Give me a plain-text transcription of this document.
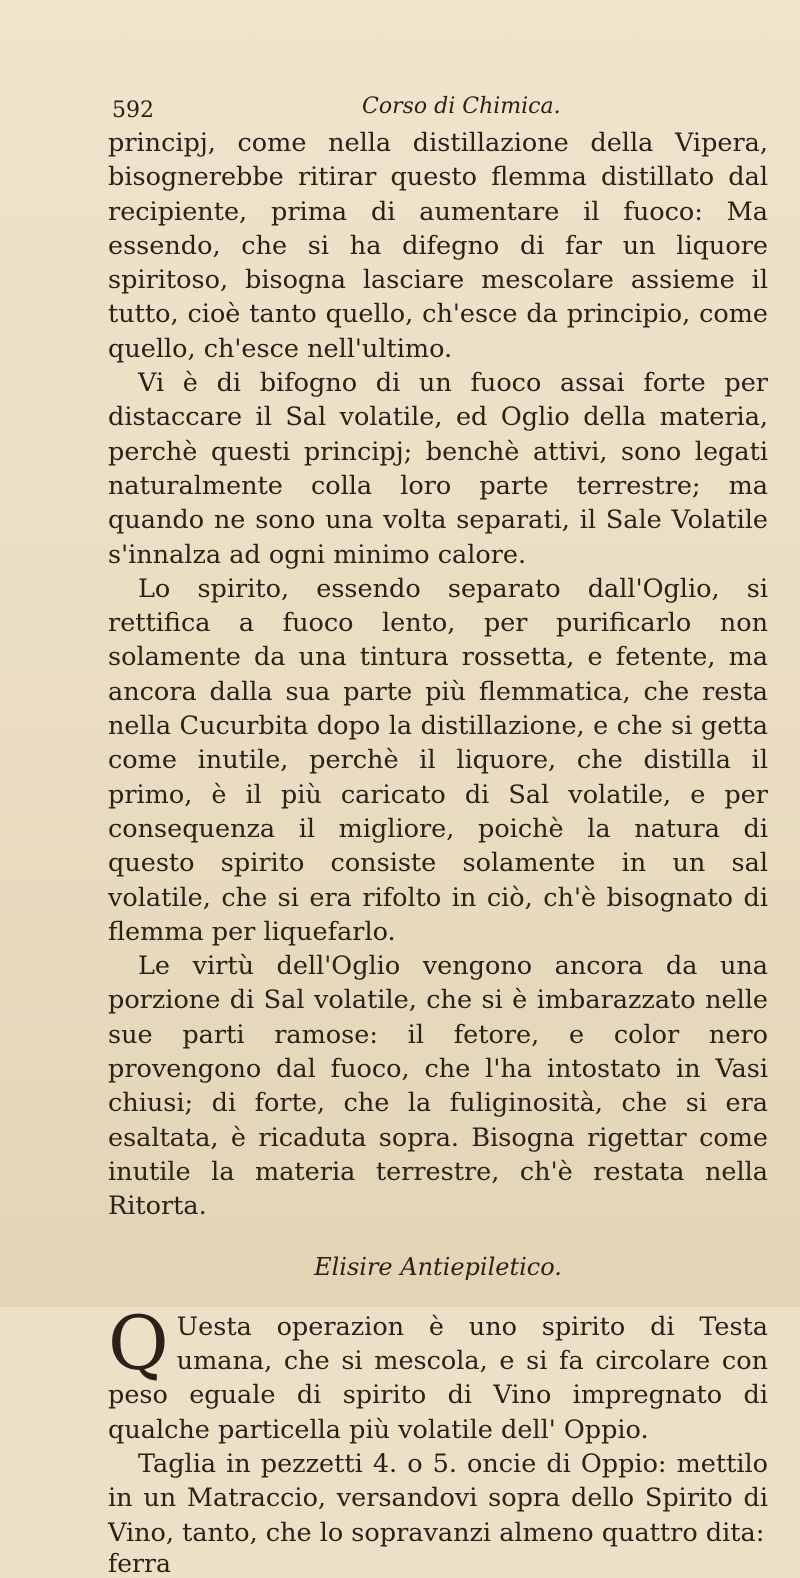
592	Corso di Chimica.

principj, come nella distillazione della Vipera, bisognerebbe ritirar questo flemma distillato dal recipiente, prima di aumentare il fuoco: Ma essendo, che si ha difegno di far un liquore spiritoso, bisogna lasciare mescolare assieme il tutto, cioè tanto quello, ch'esce da principio, come quello, ch'esce nell'ultimo.

Vi è di bifogno di un fuoco assai forte per distaccare il Sal volatile, ed Oglio della materia, perchè questi principj; benchè attivi, sono legati naturalmente colla loro parte terrestre; ma quando ne sono una volta separati, il Sale Volatile s'innalza ad ogni minimo calore.

Lo spirito, essendo separato dall'Oglio, si rettifica a fuoco lento, per purificarlo non solamente da una tintura rossetta, e fetente, ma ancora dalla sua parte più flemmatica, che resta nella Cucurbita dopo la distillazione, e che si getta come inutile, perchè il liquore, che distilla il primo, è il più caricato di Sal volatile, e per consequenza il migliore, poichè la natura di questo spirito consiste solamente in un sal volatile, che si era rifolto in ciò, ch'è bisognato di flemma per liquefarlo.

Le virtù dell'Oglio vengono ancora da una porzione di Sal volatile, che si è imbarazzato nelle sue parti ramose: il fetore, e color nero provengono dal fuoco, che l'ha intostato in Vasi chiusi; di forte, che la fuliginosità, che si era esaltata, è ricaduta sopra. Bisogna rigettar come inutile la materia terrestre, ch'è restata nella Ritorta.

Elisire Antiepiletico.

Q Uesta operazion è uno spirito di Testa umana, che si mescola, e si fa circolare con peso eguale di spirito di Vino impregnato di qualche particella più volatile dell' Oppio.

Taglia in pezzetti 4. o 5. oncie di Oppio: mettilo in un Matraccio, versandovi sopra dello Spirito di Vino, tanto, che lo sopravanzi almeno quattro dita:

ferra
